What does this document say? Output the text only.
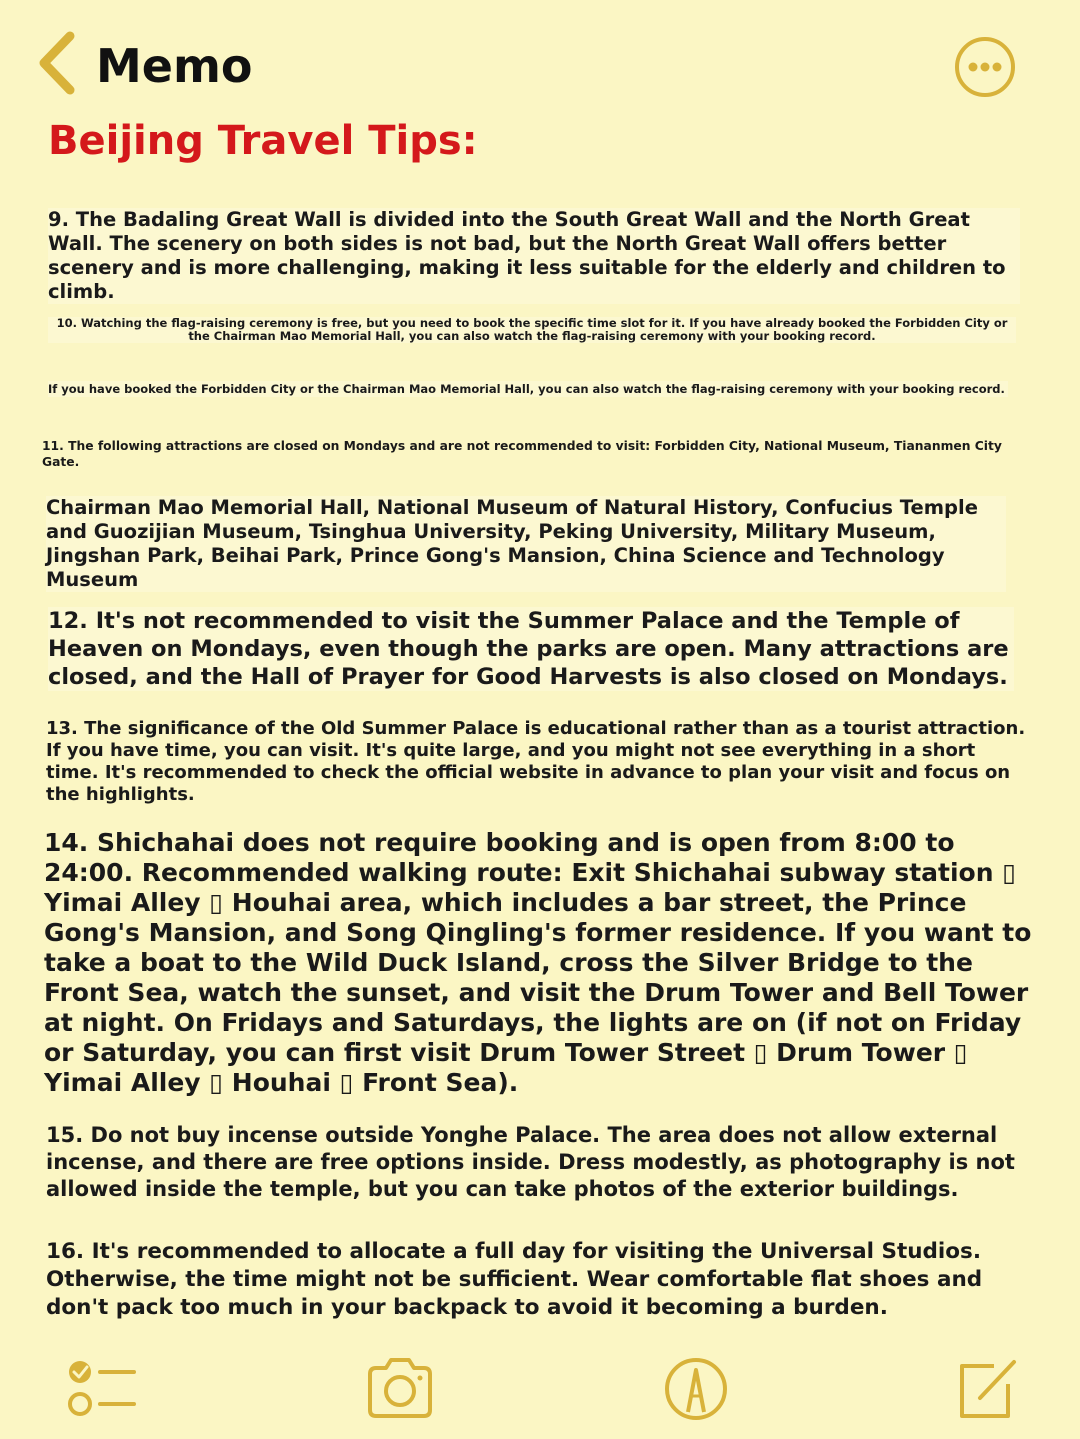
Memo
Beijing Travel Tips:

9. The Badaling Great Wall is divided into the South Great Wall and the North Great Wall. The scenery on both sides is not bad, but the North Great Wall offers better scenery and is more challenging, making it less suitable for the elderly and children to climb.

10. Watching the flag-raising ceremony is free, but you need to book the specific time slot for it. If you have already booked the Forbidden City or the Chairman Mao Memorial Hall, you can also watch the flag-raising ceremony with your booking record.

If you have booked the Forbidden City or the Chairman Mao Memorial Hall, you can also watch the flag-raising ceremony with your booking record.

11. The following attractions are closed on Mondays and are not recommended to visit: Forbidden City, National Museum, Tiananmen City Gate.

Chairman Mao Memorial Hall, National Museum of Natural History, Confucius Temple and Guozijian Museum, Tsinghua University, Peking University, Military Museum, Jingshan Park, Beihai Park, Prince Gong's Mansion, China Science and Technology Museum

12. It's not recommended to visit the Summer Palace and the Temple of Heaven on Mondays, even though the parks are open. Many attractions are closed, and the Hall of Prayer for Good Harvests is also closed on Mondays.

13. The significance of the Old Summer Palace is educational rather than as a tourist attraction. If you have time, you can visit. It's quite large, and you might not see everything in a short time. It's recommended to check the official website in advance to plan your visit and focus on the highlights.

14. Shichahai does not require booking and is open from 8:00 to 24:00. Recommended walking route: Exit Shichahai subway station ▯ Yimai Alley ▯ Houhai area, which includes a bar street, the Prince Gong's Mansion, and Song Qingling's former residence. If you want to take a boat to the Wild Duck Island, cross the Silver Bridge to the Front Sea, watch the sunset, and visit the Drum Tower and Bell Tower at night. On Fridays and Saturdays, the lights are on (if not on Friday or Saturday, you can first visit Drum Tower Street ▯ Drum Tower ▯ Yimai Alley ▯ Houhai ▯ Front Sea).

15. Do not buy incense outside Yonghe Palace. The area does not allow external incense, and there are free options inside. Dress modestly, as photography is not allowed inside the temple, but you can take photos of the exterior buildings.

16. It's recommended to allocate a full day for visiting the Universal Studios. Otherwise, the time might not be sufficient. Wear comfortable flat shoes and don't pack too much in your backpack to avoid it becoming a burden.
